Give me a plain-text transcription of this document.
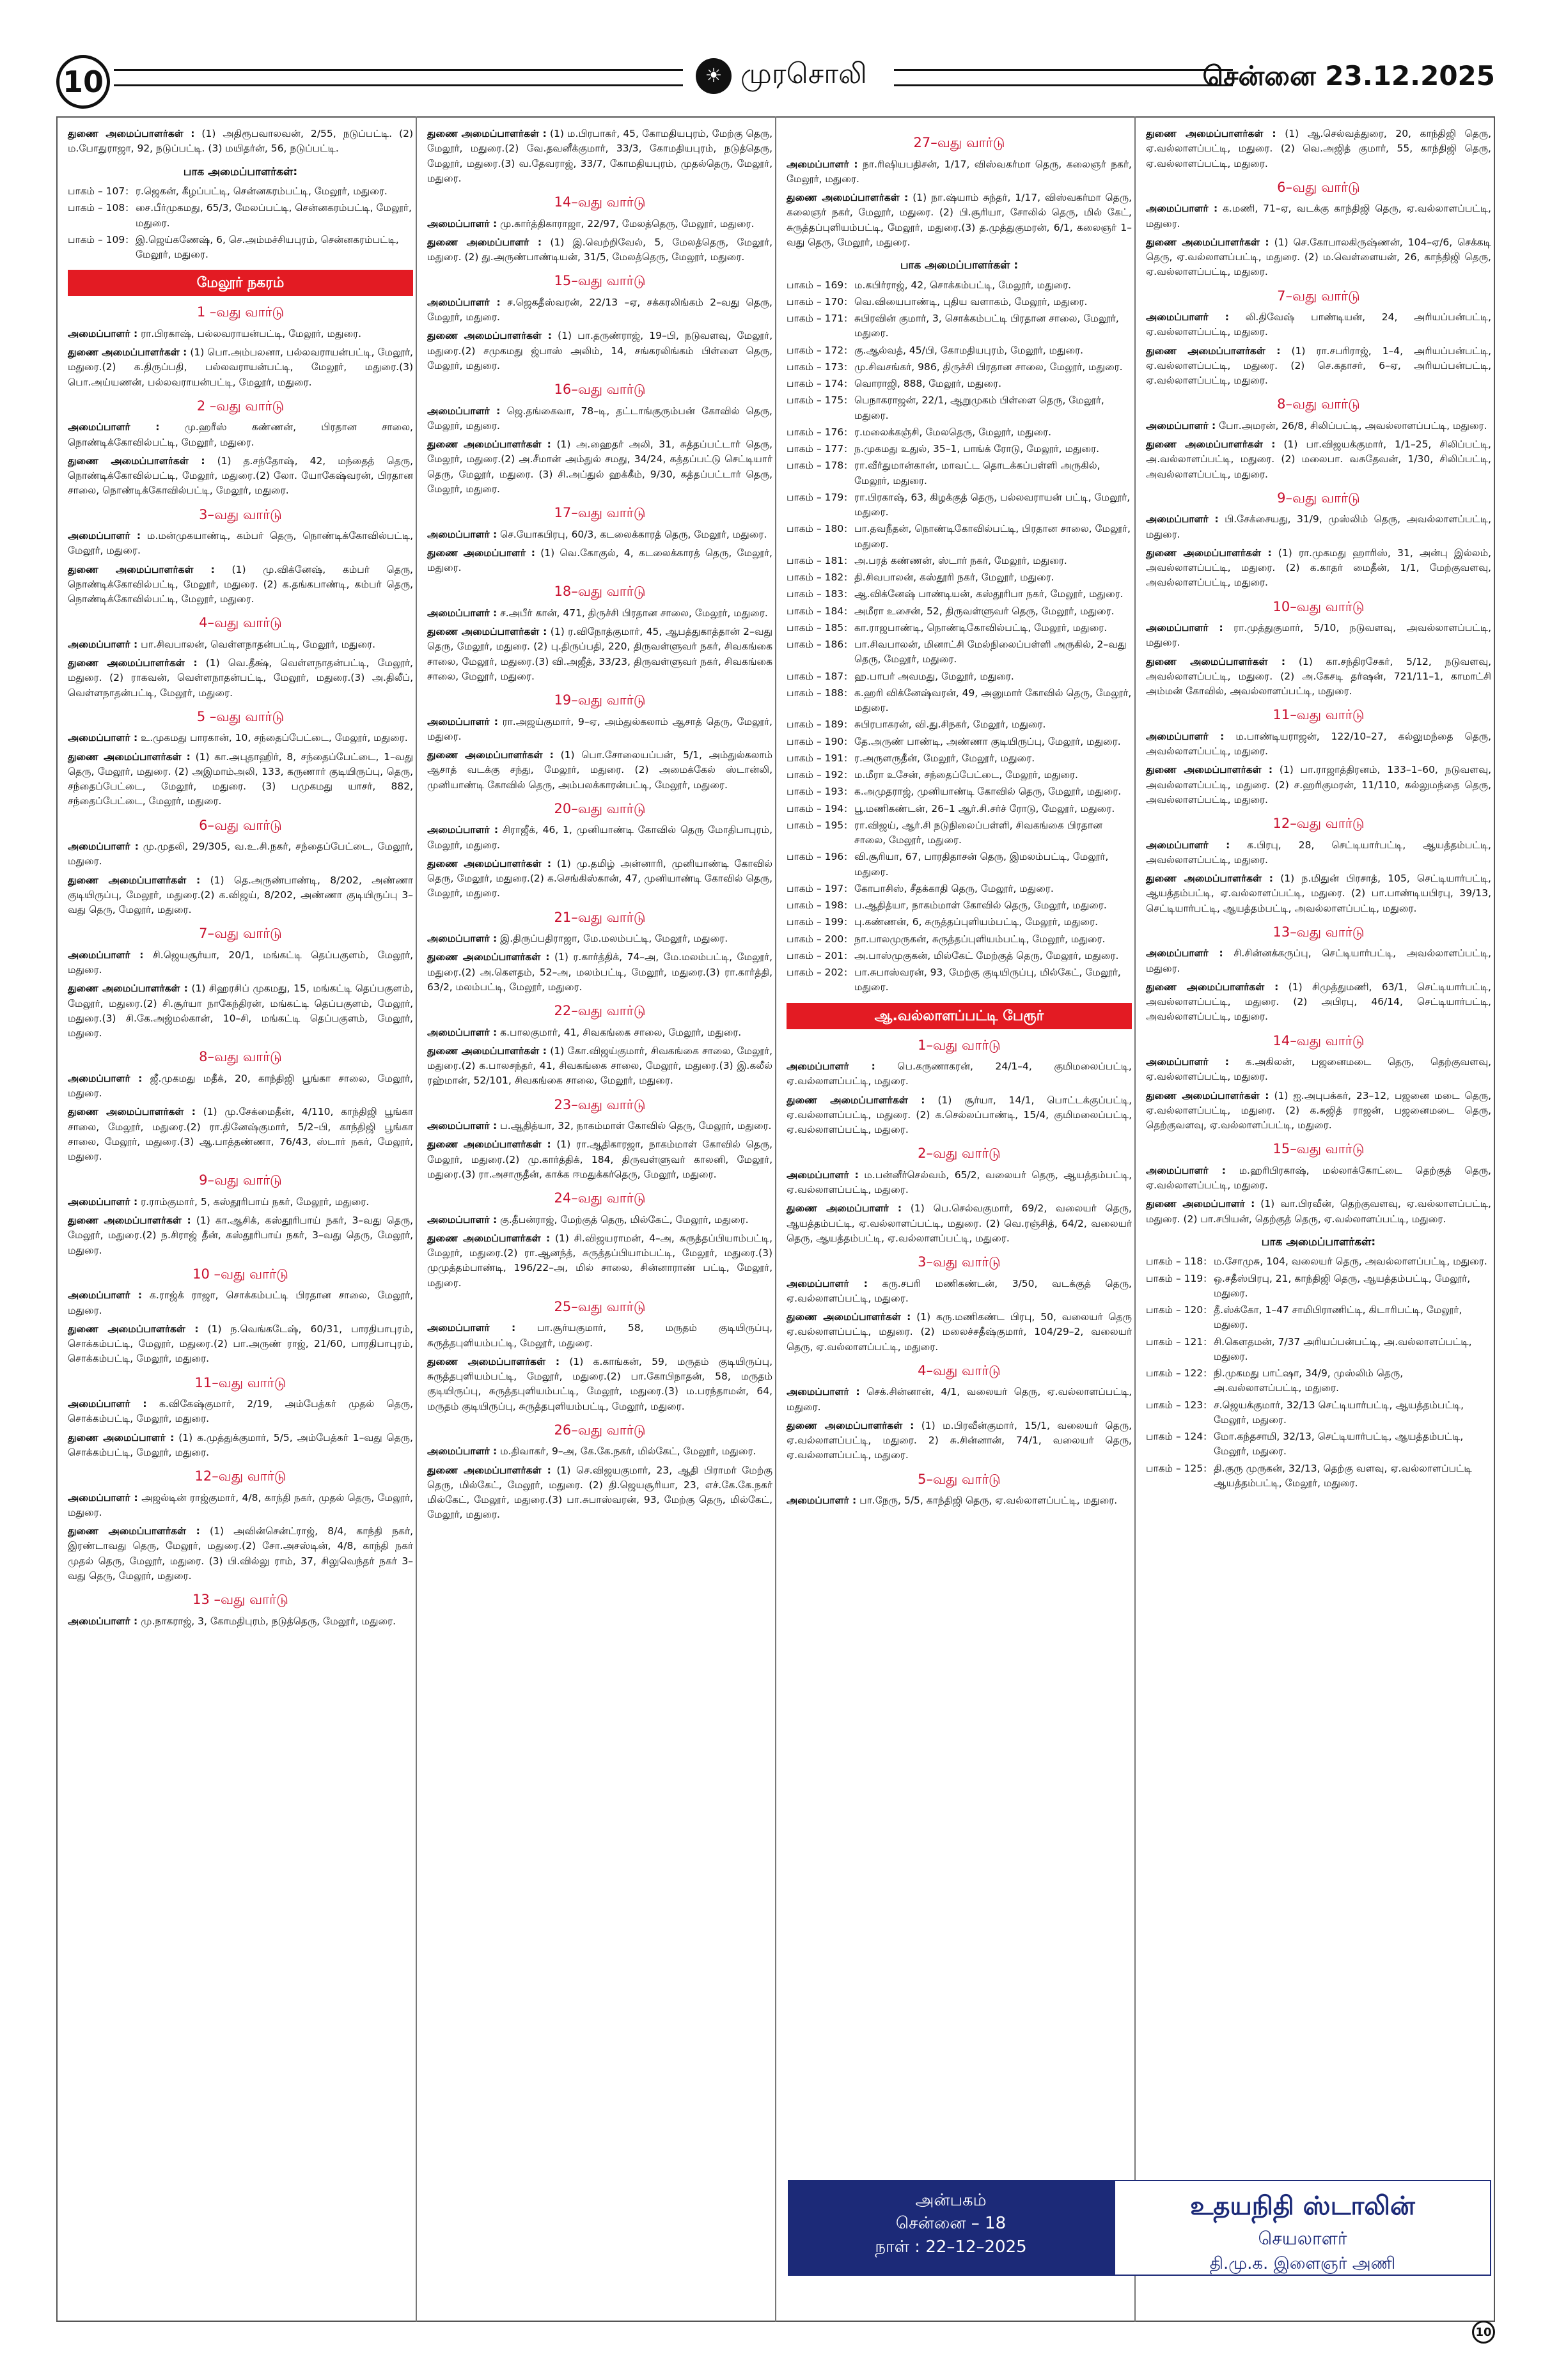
10	☀ முரசொலி	சென்னை 23.12.2025

துணை அமைப்பாளர்கள் : (1) அதிரூபவாலவன், 2/55, நடுப்பட்டி. (2) ம.போதுராஜா, 92, நடுப்பட்டி. (3) மயிதர்ன், 56, நடுப்பட்டி.

பாக அமைப்பாளர்கள்:
பாகம் – 107 : ர.ஜெகன், கீழப்பட்டி, சென்னகரம்பட்டி, மேலூர், மதுரை.
பாகம் – 108 : சை.பீர்முகமது, 65/3, மேலப்பட்டி, சென்னகரம்பட்டி, மேலூர், மதுரை.
பாகம் – 109 : இ.ஜெய்கணேஷ், 6, செ.அம்மச்சியபுரம், சென்னகரம்பட்டி, மேலூர், மதுரை.
மேலூர் நகரம்
1 –வது வார்டு

அமைப்பாளர் : ரா.பிரகாஷ், பல்லவராயன்பட்டி, மேலூர், மதுரை.

துணை அமைப்பாளர்கள் : (1) பொ.அம்பலனா, பல்லவராயன்பட்டி, மேலூர், மதுரை.(2) க.திருப்பதி, பல்லவராயன்பட்டி, மேலூர், மதுரை.(3) பொ.அய்யணன், பல்லவராயன்பட்டி, மேலூர், மதுரை.

2 –வது வார்டு

அமைப்பாளர் :	மு.ஹரீஸ் கண்ணன், பிரதான சாலை, நொண்டிக்கோவில்பட்டி, மேலூர், மதுரை.

துணை அமைப்பாளர்கள் : (1) த.சந்தோஷ், 42, மந்தைத் தெரு, நொண்டிக்கோவில்பட்டி, மேலூர், மதுரை.(2) லோ. யோகேஷ்வரன், பிரதான சாலை, நொண்டிக்கோவில்பட்டி, மேலூர், மதுரை.

3–வது வார்டு

அமைப்பாளர் : ம.மன்முகயாண்டி, கம்பர் தெரு, நொண்டிக்கோவில்பட்டி, மேலூர், மதுரை.

துணை அமைப்பாளர்கள் : (1) மு.விக்னேஷ், கம்பர் தெரு, நொண்டிக்கோவில்பட்டி, மேலூர், மதுரை. (2) க.தங்கபாண்டி, கம்பர் தெரு, நொண்டிக்கோவில்பட்டி, மேலூர், மதுரை.

4–வது வார்டு

அமைப்பாளர் : பா.சிவபாலன், வெள்ளநாதன்பட்டி, மேலூர், மதுரை.

துணை அமைப்பாளர்கள் : (1) வெ.தீக்ஷ், வெள்ளநாதன்பட்டி, மேலூர், மதுரை. (2) ராகவன், வெள்ளநாதன்பட்டி, மேலூர், மதுரை.(3) அ.திலீப், வெள்ளநாதன்பட்டி, மேலூர், மதுரை.

5 –வது வார்டு

அமைப்பாளர் : உ.முகமது பாரகான், 10, சந்தைப்பேட்டை, மேலூர், மதுரை.

துணை அமைப்பாளர்கள் : (1) கா.அபுதாஹிர், 8, சந்தைப்பேட்டை, 1–வது தெரு, மேலூர், மதுரை. (2) அஇமாம்அலி, 133, கருணார் குடியிருப்பு, தெரு, சந்தைப்பேட்டை, மேலூர், மதுரை. (3) பமுகமது யாசர், 882, சந்தைப்பேட்டை, மேலூர், மதுரை.

6–வது வார்டு

அமைப்பாளர் : மு.முதலி, 29/305, வ.உ.சி.நகர், சந்தைப்பேட்டை, மேலூர், மதுரை.

துணை அமைப்பாளர்கள் : (1) தெ.அருண்பாண்டி, 8/202, அண்ணா குடியிருப்பு, மேலூர், மதுரை.(2) க.விஜய், 8/202, அண்ணா குடியிருப்பு 3–வது தெரு, மேலூர், மதுரை.

7–வது வார்டு

அமைப்பாளர் : சி.ஜெயசூர்யா, 20/1, மங்கட்டி தெப்பகுளம், மேலூர், மதுரை.

துணை அமைப்பாளர்கள் : (1) சிஹரசிப் முகமது, 15, மங்கட்டி தெப்பகுளம், மேலூர், மதுரை.(2) சி.சூர்யா நாகேந்திரன், மங்கட்டி தெப்பகுளம், மேலூர், மதுரை.(3) சி.கே.அஜ்மல்கான், 10–சி, மங்கட்டி தெப்பகுளம், மேலூர், மதுரை.

8–வது வார்டு

அமைப்பாளர் : ஜீ.முகமது மதீக், 20, காந்திஜி பூங்கா சாலை, மேலூர், மதுரை.

துணை அமைப்பாளர்கள் : (1) மு.சேக்மைதீன், 4/110, காந்திஜி பூங்கா சாலை, மேலூர், மதுரை.(2) ரா.தினேஷ்குமார், 5/2–பி, காந்திஜி பூங்கா சாலை, மேலூர், மதுரை.(3) ஆ.பாத்தண்ணா, 76/43, ஸ்டார் நகர், மேலூர், மதுரை.

9–வது வார்டு

அமைப்பாளர் : ர.ராம்குமார், 5, கஸ்தூரிபாய் நகர், மேலூர், மதுரை.

துணை அமைப்பாளர்கள் : (1) கா.ஆசிக், கஸ்தூரிபாய் நகர், 3–வது தெரு, மேலூர், மதுரை.(2) ந.சிராஜ் தீன், கஸ்தூரிபாய் நகர், 3–வது தெரு, மேலூர், மதுரை.

10 –வது வார்டு

அமைப்பாளர் : க.ராஜ்க் ராஜா, சொக்கம்பட்டி பிரதான சாலை, மேலூர், மதுரை.

துணை அமைப்பாளர்கள் : (1) ந.வெங்கடேஷ், 60/31, பாரதிபாபுரம், சொக்கம்பட்டி, மேலூர், மதுரை.(2) பா.அருண் ராஜ், 21/60, பாரதிபாபுரம், சொக்கம்பட்டி, மேலூர், மதுரை.

11–வது வார்டு

அமைப்பாளர் : க.விகேஷ்குமார், 2/19, அம்பேத்கர் முதல் தெரு, சொக்கம்பட்டி, மேலூர், மதுரை.

துணை அமைப்பாளர் : (1) க.முத்துக்குமார், 5/5, அம்பேத்கர் 1–வது தெரு, சொக்கம்பட்டி, மேலூர், மதுரை.

12–வது வார்டு

அமைப்பாளர் : அஜல்டின் ராஜ்குமார், 4/8, காந்தி நகர், முதல் தெரு, மேலூர், மதுரை.

துணை அமைப்பாளர்கள் : (1) அவின்சென்ட்ராஜ், 8/4, காந்தி நகர், இரண்டாவது தெரு, மேலூர், மதுரை.(2) சோ.அசஸ்டின், 4/8, காந்தி நகர் முதல் தெரு, மேலூர், மதுரை. (3) பி.வில்லு ராம், 37, சிலுவெந்தர் நகர் 3–வது தெரு, மேலூர், மதுரை.

13 –வது வார்டு

அமைப்பாளர் : மு.நாகராஜ், 3, கோமதிபுரம், நடுத்தெரு, மேலூர், மதுரை.

துணை அமைப்பாளர்கள் : (1) ம.பிரபாகர், 45, கோமதியபுரம், மேற்கு தெரு, மேலூர், மதுரை.(2) வே.தவனீக்குமார், 33/3, கோமதியபுரம், நடுத்தெரு, மேலூர், மதுரை.(3) வ.தேவராஜ், 33/7, கோமதியபுரம், முதல்தெரு, மேலூர், மதுரை.

14–வது வார்டு

அமைப்பாளர் : மு.கார்த்திகாராஜா, 22/97, மேலத்தெரு, மேலூர், மதுரை.

துணை அமைப்பாளர் : (1) இ.வெற்றிவேல், 5, மேலத்தெரு, மேலூர், மதுரை. (2) து.அருண்பாண்டியன், 31/5, மேலத்தெரு, மேலூர், மதுரை.

15–வது வார்டு

அமைப்பாளர் : ச.ஜெகதீஸ்வரன், 22/13 –ஏ, சக்கரலிங்கம் 2–வது தெரு, மேலூர், மதுரை.

துணை அமைப்பாளர்கள் : (1) பா.தருண்ராஜ், 19–பி, நடுவளவு, மேலூர், மதுரை.(2) சமுகமது ஜ்பாஸ் அலிம், 14, சங்கரலிங்கம் பிள்ளை தெரு, மேலூர், மதுரை.

16–வது வார்டு

அமைப்பாளர் : ஜெ.தங்கைவா, 78–டி, தட்டாங்குரும்பன் கோவில் தெரு, மேலூர், மதுரை.

துணை அமைப்பாளர்கள் : (1) அ.ஹைதர் அலி, 31, சுத்தப்பட்டார் தெரு, மேலூர், மதுரை.(2) அ.சீமான் அம்துல் சமது, 34/24, கத்தப்பட்டு செட்டியார் தெரு, மேலூர், மதுரை. (3) சி.அப்துல் ஹக்கீம், 9/30, கத்தப்பட்டார் தெரு, மேலூர், மதுரை.

17–வது வார்டு

அமைப்பாளர் : செ.யோகபிரபு, 60/3, கடலைக்காரத் தெரு, மேலூர், மதுரை.

துணை அமைப்பாளர் : (1) வெ.கோகுல், 4, கடலைக்காரத் தெரு, மேலூர், மதுரை.

18–வது வார்டு

அமைப்பாளர் : ச.அபீர் கான், 471, திருச்சி பிரதான சாலை, மேலூர், மதுரை.

துணை அமைப்பாளர்கள் : (1) ர.விநோத்குமார், 45, ஆபத்துகாத்தான் 2–வது தெரு, மேலூர், மதுரை. (2) பு.திருப்பதி, 220, திருவள்ளுவர் நகர், சிவகங்கை சாலை, மேலூர், மதுரை.(3) வி.அஜீத், 33/23, திருவள்ளுவர் நகர், சிவகங்கை சாலை, மேலூர், மதுரை.

19–வது வார்டு

அமைப்பாளர் : ரா.அஜய்குமார், 9–ஏ, அம்துல்கலாம் ஆசாத் தெரு, மேலூர், மதுரை.

துணை அமைப்பாளர்கள் : (1) பொ.சோலையப்பன், 5/1, அம்துல்கலாம் ஆசாத் வடக்கு சந்து, மேலூர், மதுரை. (2) அமைக்கேல் ஸ்டான்லி, முனியாண்டி கோவில் தெரு, அம்பலக்காரன்பட்டி, மேலூர், மதுரை.

20–வது வார்டு

அமைப்பாளர் : சிராஜீக், 46, 1, முனியாண்டி கோவில் தெரு மோதிபாபுரம், மேலூர், மதுரை.

துணை அமைப்பாளர்கள் : (1) மு.தமிழ் அன்னாரி, முனியாண்டி கோவில் தெரு, மேலூர், மதுரை.(2) க.செங்கிஸ்கான், 47, முனியாண்டி கோவில் தெரு, மேலூர், மதுரை.

21–வது வார்டு

அமைப்பாளர் : இ.திருப்பதிராஜா, மே.மலம்பட்டி, மேலூர், மதுரை.

துணை அமைப்பாளர்கள் : (1) ர.கார்த்திக், 74–அ, மே.மலம்பட்டி, மேலூர், மதுரை.(2) அ.கௌதம், 52–அ, மலம்பட்டி, மேலூர், மதுரை.(3) ரா.கார்த்தி, 63/2, மலம்பட்டி, மேலூர், மதுரை.

22–வது வார்டு

அமைப்பாளர் : க.பாலகுமார், 41, சிவகங்கை சாலை, மேலூர், மதுரை.

துணை அமைப்பாளர்கள் : (1) கோ.விஜய்குமார், சிவகங்கை சாலை, மேலூர், மதுரை.(2) க.பாலசந்தர், 41, சிவகங்கை சாலை, மேலூர், மதுரை.(3) இ.கலீல் ரஹ்மான், 52/101, சிவகங்கை சாலை, மேலூர், மதுரை.

23–வது வார்டு

அமைப்பாளர் : ப.ஆதித்யா, 32, நாகம்மாள் கோவில் தெரு, மேலூர், மதுரை.

துணை அமைப்பாளர்கள் : (1) ரா.ஆதிகாரஜா, நாகம்மாள் கோவில் தெரு, மேலூர், மதுரை.(2) மு.கார்த்திக், 184, திருவள்ளுவர் காலனி, மேலூர், மதுரை.(3) ரா.அசாருதீன், காக்க ஈமதுக்கர்தெரு, மேலூர், மதுரை.

24–வது வார்டு

அமைப்பாளர் : கு.தீபன்ராஜ், மேற்குத் தெரு, மில்கேட், மேலூர், மதுரை.

துணை அமைப்பாளர்கள் : (1) சி.விஜயராமன், 4–அ, சுருத்தப்பியாம்பட்டி, மேலூர், மதுரை.(2) ரா.ஆனந்த், சுருத்தப்பியாம்பட்டி, மேலூர், மதுரை.(3) முமுத்தம்பாண்டி, 196/22–அ, மில் சாலை, சின்னாராண் பட்டி, மேலூர், மதுரை.

25–வது வார்டு

அமைப்பாளர் : பா.சூர்யகுமார், 58, மருதம் குடியிருப்பு, சுருத்தபுளியம்பட்டி, மேலூர், மதுரை.

துணை அமைப்பாளர்கள் : (1) க.காங்கன், 59, மருதம் குடியிருப்பு, சுருத்தபுளியம்பட்டி, மேலூர், மதுரை.(2) பா.கோபிநாதன், 58, மருதம் குடியிருப்பு, சுருத்தபுளியம்பட்டி, மேலூர், மதுரை.(3) ம.பரந்தாமன், 64, மருதம் குடியிருப்பு, சுருத்தபுளியம்பட்டி, மேலூர், மதுரை.

26–வது வார்டு

அமைப்பாளர் : ம.திவாகர், 9–அ, கே.கே.நகர், மில்கேட், மேலூர், மதுரை.

துணை அமைப்பாளர்கள் : (1) செ.விஜயகுமார், 23, ஆதி பிராமர் மேற்கு தெரு, மில்கேட், மேலூர், மதுரை. (2) தி.ஜெயசூரியா, 23, எச்.கே.கே.நகர் மில்கேட், மேலூர், மதுரை.(3) பா.சுபாஸ்வரன், 93, மேற்கு தெரு, மில்கேட், மேலூர், மதுரை.

27–வது வார்டு

அமைப்பாளர் : நா.ரிஷியபதிசன், 1/17, விஸ்வகர்மா தெரு, கலைஞர் நகர், மேலூர், மதுரை.

துணை அமைப்பாளர்கள் : (1) நா.ஷ்யாம் சுந்தர், 1/17, விஸ்வகர்மா தெரு, கலைஞர் நகர், மேலூர், மதுரை. (2) பி.சூரியா, சோலில் தெரு, மில் கேட், சுருத்தப்புளியம்பட்டி, மேலூர், மதுரை.(3) த.முத்துகுமரன், 6/1, கலைஞர் 1–வது தெரு, மேலூர், மதுரை.

பாக அமைப்பாளர்கள் :
பாகம் – 169 : ம.கபிர்ராஜ், 42, சொக்கம்பட்டி, மேலூர், மதுரை.
பாகம் – 170 : வெ.வியைபாண்டி, புதிய வளாகம், மேலூர், மதுரை.
பாகம் – 171 : சுபிரவின் குமார், 3, சொக்கம்பட்டி பிரதான சாலை, மேலூர், மதுரை.
பாகம் – 172 : கு.ஆல்வத், 45/பி, கோமதியபுரம், மேலூர், மதுரை.
பாகம் – 173 : மு.சிவசங்கர், 986, திருச்சி பிரதான சாலை, மேலூர், மதுரை.
பாகம் – 174 : வொராஜி, 888, மேலூர், மதுரை.
பாகம் – 175 : பெநாகராஜன், 22/1, ஆறுமுகம் பிள்ளை தெரு, மேலூர், மதுரை.
பாகம் – 176 : ர.மலைக்கஞ்சி, மேலதெரு, மேலூர், மதுரை.
பாகம் – 177 : ந.முகமது உதுல், 35–1, பாங்க் ரோடு, மேலூர், மதுரை.
பாகம் – 178 : ரா.வீர்துமான்கான், மாவட்ட தொடக்கப்பள்ளி அருகில், மேலூர், மதுரை.
பாகம் – 179 : ரா.பிரகாஷ், 63, கிழக்குத் தெரு, பல்லவராயன் பட்டி, மேலூர், மதுரை.
பாகம் – 180 : பா.தவநீதன், நொண்டிகோவில்பட்டி, பிரதான சாலை, மேலூர், மதுரை.
பாகம் – 181 : அ.பரத் கண்ணன், ஸ்டார் நகர், மேலூர், மதுரை.
பாகம் – 182 : தி.சிவபாலன், கஸ்தூரி நகர், மேலூர், மதுரை.
பாகம் – 183 : ஆ.விக்னேஷ் பாண்டியன், கஸ்தூரிபா நகர், மேலூர், மதுரை.
பாகம் – 184 : அமீரா உசைன், 52, திருவள்ளுவர் தெரு, மேலூர், மதுரை.
பாகம் – 185 : கா.ராஜபாண்டி, நொண்டிகோவில்பட்டி, மேலூர், மதுரை.
பாகம் – 186 : பா.சிவபாலன், மினாட்சி மேல்நிலைப்பள்ளி அருகில், 2–வது தெரு, மேலூர், மதுரை.
பாகம் – 187 : ஹ.பாபர் அவமது, மேலூர், மதுரை.
பாகம் – 188 : க.ஹரி விக்னேஷ்வரன், 49, அனுமார் கோவில் தெரு, மேலூர், மதுரை.
பாகம் – 189 : சுபிரபாகரன், வி.து.சிநகர், மேலூர், மதுரை.
பாகம் – 190 : தே.அருண் பாண்டி, அண்ணா குடியிருப்பு, மேலூர், மதுரை.
பாகம் – 191 : ர.அருளருதீன், மேலூர், மேலூர், மதுரை.
பாகம் – 192 : ம.மீரா உசேன், சந்தைப்பேட்டை, மேலூர், மதுரை.
பாகம் – 193 : க.அமுதராஜ், முனியாண்டி கோவில் தெரு, மேலூர், மதுரை.
பாகம் – 194 : பூ.மணிகண்டன், 26–1 ஆர்.சி.சர்ச் ரோடு, மேலூர், மதுரை.
பாகம் – 195 : ரா.விஜய், ஆர்.சி நடுநிலைப்பள்ளி, சிவகங்கை பிரதான சாலை, மேலூர், மதுரை.
பாகம் – 196 : வி.சூரியா, 67, பாரதிதாசன் தெரு, இமலம்பட்டி, மேலூர், மதுரை.
பாகம் – 197 : கோபாசிஸ், சீதக்காதி தெரு, மேலூர், மதுரை.
பாகம் – 198 : ப.ஆதித்யா, நாகம்மாள் கோவில் தெரு, மேலூர், மதுரை.
பாகம் – 199 : பு.கண்ணன், 6, சுருத்தப்புளியம்பட்டி, மேலூர், மதுரை.
பாகம் – 200 : நா.பாலமுருகன், சுருத்தப்புளியம்பட்டி, மேலூர், மதுரை.
பாகம் – 201 : அ.பாஸ்முகுகன், மில்கேட் மேற்குத் தெரு, மேலூர், மதுரை.
பாகம் – 202 : பா.சுபாஸ்வரன், 93, மேற்கு குடியிருப்பு, மில்கேட், மேலூர், மதுரை.
ஆ.வல்லாளப்பட்டி பேரூர்
1–வது வார்டு

அமைப்பாளர் : பெ.கருணாகரன், 24/1–4, குமிமலைப்பட்டி, ஏ.வல்லாளப்பட்டி, மதுரை.

துணை அமைப்பாளர்கள் : (1) சூர்யா, 14/1, பொட்டக்குப்பட்டி, ஏ.வல்லாளப்பட்டி, மதுரை. (2) க.செல்லப்பாண்டி, 15/4, குமிமலைப்பட்டி, ஏ.வல்லாளப்பட்டி, மதுரை.

2–வது வார்டு

அமைப்பாளர் : ம.பன்னீர்செல்வம், 65/2, வலையர் தெரு, ஆயத்தம்பட்டி, ஏ.வல்லாளப்பட்டி, மதுரை.

துணை அமைப்பாளர் : (1) பெ.செல்வகுமார், 69/2, வலையர் தெரு, ஆயத்தம்பட்டி, ஏ.வல்லாளப்பட்டி, மதுரை. (2) வெ.ரஞ்சித், 64/2, வலையர் தெரு, ஆயத்தம்பட்டி, ஏ.வல்லாளப்பட்டி, மதுரை.

3–வது வார்டு

அமைப்பாளர் : கரு.சபரி மணிகண்டன், 3/50, வடக்குத் தெரு, ஏ.வல்லாளப்பட்டி, மதுரை.

துணை அமைப்பாளர்கள் : (1) கரு.மணிகண்ட பிரபு, 50, வலையர் தெரு ஏ.வல்லாளப்பட்டி, மதுரை. (2) மலைச்சதீஷ்குமார், 104/29–2, வலையர் தெரு, ஏ.வல்லாளப்பட்டி, மதுரை.

4–வது வார்டு

அமைப்பாளர் : செக்.சின்னான், 4/1, வலையர் தெரு, ஏ.வல்லாளப்பட்டி, மதுரை.

துணை அமைப்பாளர்கள் : (1) ம.பிரவீன்குமார், 15/1, வலையர் தெரு, ஏ.வல்லாளப்பட்டி, மதுரை. 2) சு.சின்னான், 74/1, வலையர் தெரு, ஏ.வல்லாளப்பட்டி, மதுரை.

5–வது வார்டு

அமைப்பாளர் : பா.நேரு, 5/5, காந்திஜி தெரு, ஏ.வல்லாளப்பட்டி, மதுரை.

துணை அமைப்பாளர்கள் : (1) ஆ.செல்வத்துரை, 20, காந்திஜி தெரு, ஏ.வல்லாளப்பட்டி, மதுரை. (2) வெ.அஜித் குமார், 55, காந்திஜி தெரு, ஏ.வல்லாளப்பட்டி, மதுரை.

6–வது வார்டு

அமைப்பாளர் : க.மணி, 71–ஏ, வடக்கு காந்திஜி தெரு, ஏ.வல்லாளப்பட்டி, மதுரை.

துணை அமைப்பாளர்கள் : (1) செ.கோபாலகிருஷ்ணன், 104–ஏ/6, செக்கடி தெரு, ஏ.வல்லாளப்பட்டி, மதுரை. (2) ம.வெள்ளையன், 26, காந்திஜி தெரு, ஏ.வல்லாளப்பட்டி, மதுரை.

7–வது வார்டு

அமைப்பாளர் : லி.திவேஷ் பாண்டியன், 24, அரியப்பன்பட்டி, ஏ.வல்லாளப்பட்டி, மதுரை.

துணை அமைப்பாளர்கள் : (1) ரா.சபரிராஜ், 1–4, அரியப்பன்பட்டி, ஏ.வல்லாளப்பட்டி, மதுரை. (2) செ.கதாசர், 6–ஏ, அரியப்பன்பட்டி, ஏ.வல்லாளப்பட்டி, மதுரை.

8–வது வார்டு

அமைப்பாளர் : போ.அமரன், 26/8, சிலிப்பட்டி, அவல்லாளப்பட்டி, மதுரை.

துணை அமைப்பாளர்கள் : (1) பா.விஜயக்குமார், 1/1–25, சிலிப்பட்டி, அ.வல்லாளப்பட்டி, மதுரை. (2) மலைபா. வசுதேவன், 1/30, சிலிப்பட்டி, அவல்லாளப்பட்டி, மதுரை.

9–வது வார்டு

அமைப்பாளர் : பி.சேக்சையது, 31/9, முஸ்லிம் தெரு, அவல்லாளப்பட்டி, மதுரை.

துணை அமைப்பாளர்கள் : (1) ரா.முகமது ஹாரிஸ், 31, அன்பு இல்லம், அவல்லாளப்பட்டி, மதுரை. (2) க.காதர் மைதீன், 1/1, மேற்குவளவு, அவல்லாளப்பட்டி, மதுரை.

10–வது வார்டு

அமைப்பாளர் : ரா.முத்துகுமார், 5/10, நடுவளவு, அவல்லாளப்பட்டி, மதுரை.

துணை அமைப்பாளர்கள் : (1) கா.சந்திரசேகர், 5/12, நடுவளவு, அவல்லாளப்பட்டி, மதுரை. (2) அ.கேசடி தர்ஷன், 721/11–1, காமாட்சி அம்மன் கோவில், அவல்லாளப்பட்டி, மதுரை.

11–வது வார்டு

அமைப்பாளர் : ம.பாண்டியராஜன், 122/10–27, கல்லுமந்தை தெரு, அவல்லாளப்பட்டி, மதுரை.

துணை அமைப்பாளர்கள் : (1) பா.ராஜாத்திரனம், 133–1–60, நடுவளவு, அவல்லாளப்பட்டி, மதுரை. (2) ச.ஹரிகுமரன், 11/110, கல்லுமந்தை தெரு, அவல்லாளப்பட்டி, மதுரை.

12–வது வார்டு

அமைப்பாளர் : க.பிரபு, 28, செட்டியார்பட்டி, ஆயத்தம்பட்டி, அவல்லாளப்பட்டி, மதுரை.

துணை அமைப்பாளர்கள் : (1) ந.மிதுன் பிரசாத், 105, செட்டியார்பட்டி, ஆயத்தம்பட்டி, ஏ.வல்லாளப்பட்டி, மதுரை. (2) பா.பாண்டியபிரபு, 39/13, செட்டியார்பட்டி, ஆயத்தம்பட்டி, அவல்லாளப்பட்டி, மதுரை.

13–வது வார்டு

அமைப்பாளர் : சி.சின்னக்கருப்பு, செட்டியார்பட்டி, அவல்லாளப்பட்டி, மதுரை.

துணை அமைப்பாளர்கள் : (1) சிமுத்துமணி, 63/1, செட்டியார்பட்டி, அவல்லாளப்பட்டி, மதுரை. (2) அபிரபு, 46/14, செட்டியார்பட்டி, அவல்லாளப்பட்டி, மதுரை.

14–வது வார்டு

அமைப்பாளர் : க.அகிலன், பஜனைமடை தெரு, தெற்குவளவு, ஏ.வல்லாளப்பட்டி, மதுரை.

துணை அமைப்பாளர்கள் : (1) ஐ.அபுபக்கர், 23–12, பஜனை மடை தெரு, ஏ.வல்லாளப்பட்டி, மதுரை. (2) க.சுஜித் ராஜன், பஜனைமடை தெரு, தெற்குவளவு, ஏ.வல்லாளப்பட்டி, மதுரை.

15–வது வார்டு

அமைப்பாளர் : ம.ஹரிபிரகாஷ், மல்லாக்கோட்டை தெற்குத் தெரு, ஏ.வல்லாளப்பட்டி, மதுரை.

துணை அமைப்பாளர் : (1) வா.பிரவீன், தெற்குவளவு, ஏ.வல்லாளப்பட்டி, மதுரை. (2) பா.சபியன், தெற்குத் தெரு, ஏ.வல்லாளப்பட்டி, மதுரை.

பாக அமைப்பாளர்கள்:
பாகம் – 118 : ம.சோமுசு, 104, வலையர் தெரு, அவல்லாளப்பட்டி, மதுரை.
பாகம் – 119 : ஒ.சதீஸ்பிரபு, 21, காந்திஜி தெரு, ஆயத்தம்பட்டி, மேலூர், மதுரை.
பாகம் – 120 : தீ.ஸ்க்கோ, 1–47 சாமிபிராணிட்டி, கிடாரிபட்டி, மேலூர், மதுரை.
பாகம் – 121 : சி.கௌதமன், 7/37 அரியப்பன்பட்டி, அ.வல்லாளப்பட்டி, மதுரை.
பாகம் – 122 : நி.முகமது பாட்ஷா, 34/9, முஸ்லிம் தெரு, அ.வல்லாளப்பட்டி, மதுரை.
பாகம் – 123 : ச.ஜெயக்குமார், 32/13 செட்டியார்பட்டி, ஆயத்தம்பட்டி, மேலூர், மதுரை.
பாகம் – 124 : மோ.கந்தசாமி, 32/13, செட்டியார்பட்டி, ஆயத்தம்பட்டி, மேலூர், மதுரை.
பாகம் – 125 : தி.குரு முருகன், 32/13, தெற்கு வளவு, ஏ.வல்லாளப்பட்டி ஆயத்தம்பட்டி, மேலூர், மதுரை.
அன்பகம்
சென்னை – 18
நாள் : 22–12–2025
உதயநிதி ஸ்டாலின்
செயலாளர்
தி.மு.க. இளைஞர் அணி
10
